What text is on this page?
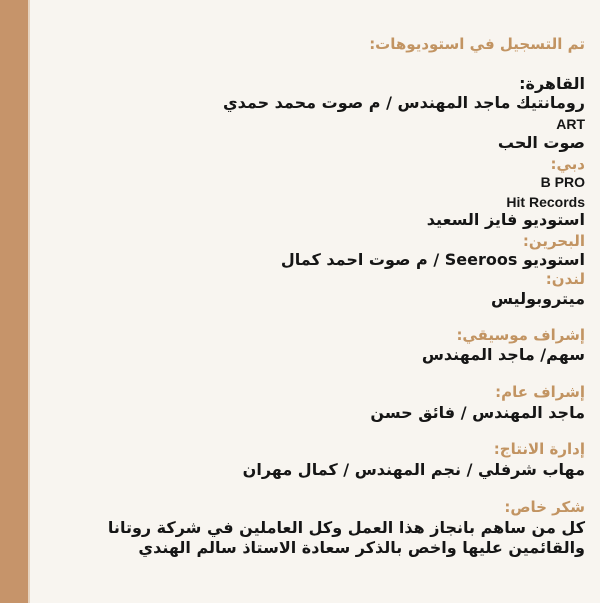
تم التسجيل في استوديوهات:
القاهرة:
رومانتيك ماجد المهندس / م صوت محمد حمدي
ART
صوت الحب
دبي:
B PRO
Hit Records
استوديو فايز السعيد
البحرين:
استوديو Seeroos / م صوت احمد كمال
لندن:
ميتروبوليس
إشراف موسيقي:
سهم/ ماجد المهندس
إشراف عام:
ماجد المهندس / فائق حسن
إدارة الانتاج:
مهاب شرفلي / نجم المهندس / كمال مهران
شكر خاص:
كل من ساهم بانجاز هذا العمل وكل العاملين في شركة روتانا
والقائمين عليها واخص بالذكر سعادة الاستاذ سالم الهندي
